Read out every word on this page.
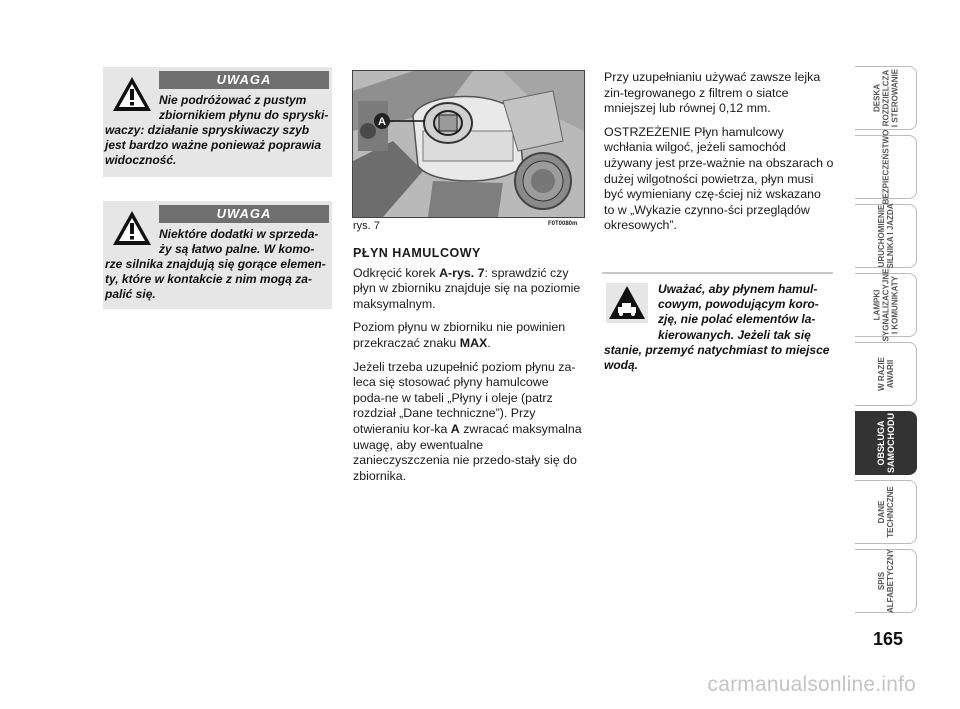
UWAGA
Nie podróżować z pustym
zbiornikiem płynu do spryski-
waczy: działanie spryskiwaczy szyb
jest bardzo ważne ponieważ poprawia
widoczność.
UWAGA
Niektóre dodatki w sprzeda-
ży są łatwo palne. W komo-
rze silnika znajdują się gorące elemen-
ty, które w kontakcie z nim mogą za-
palić się.
A
rys. 7	F0T0080m
PŁYN HAMULCOWY

Odkręcić korek A-rys. 7: sprawdzić czy płyn w zbiorniku znajduje się na poziomie maksymalnym.

Poziom płynu w zbiorniku nie powinien przekraczać znaku MAX.

Jeżeli trzeba uzupełnić poziom płynu za-leca się stosować płyny hamulcowe poda-ne w tabeli „Płyny i oleje (patrz rozdział „Dane techniczne”). Przy otwieraniu kor-ka A zwracać maksymalna uwagę, aby ewentualne zanieczyszczenia nie przedo-stały się do zbiornika.

Przy uzupełnianiu używać zawsze lejka zin-tegrowanego z filtrem o siatce mniejszej lub równej 0,12 mm.

OSTRZEŻENIE Płyn hamulcowy wchłania wilgoć, jeżeli samochód używany jest prze-ważnie na obszarach o dużej wilgotności powietrza, płyn musi być wymieniany czę-ściej niż wskazano to w „Wykazie czynno-ści przeglądów okresowych”.

Uważać, aby płynem hamul-
cowym, powodującym koro-
zję, nie polać elementów la-
kierowanych. Jeżeli tak się
stanie, przemyć natychmiast to miejsce
wodą.
DESKA
ROZDZIELCZA
I STEROWANIE
BEZPIECZEŃSTWO
URUCHOMIENIE
SILNIKA I JAZDA
LAMPKI
SYGNALIZACYJNE
I KOMUNIKATY
W RAZIE
AWARII
OBSŁUGA
SAMOCHODU
DANE
TECHNICZNE
SPIS
ALFABETYCZNY
165
carmanualsonline.info
